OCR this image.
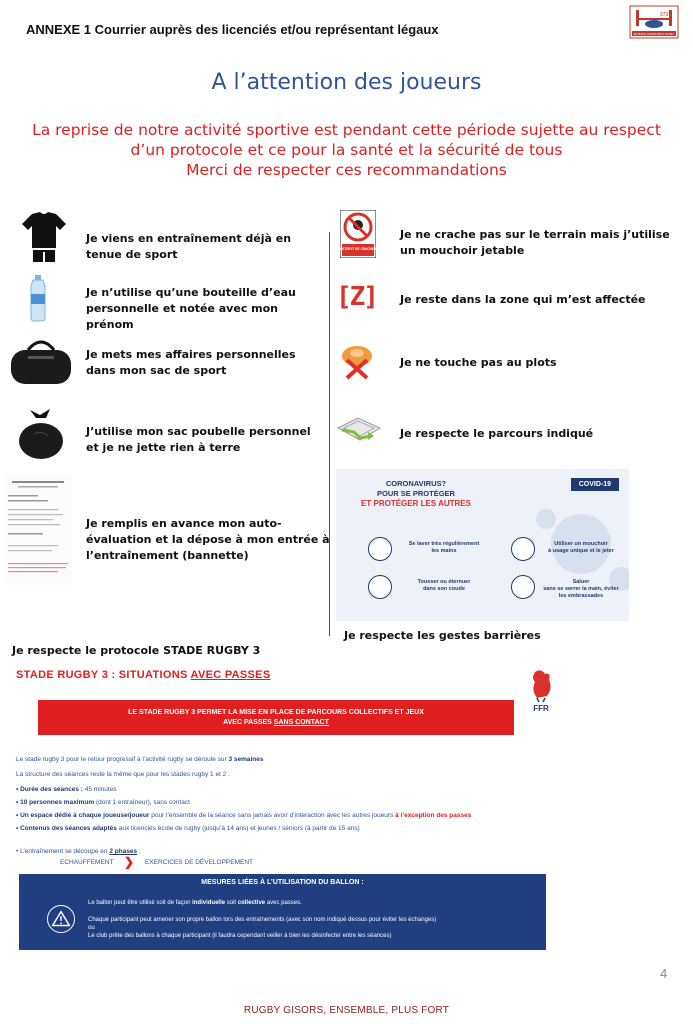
ANNEXE 1 Courrier auprès des licenciés et/ou représentant légaux
973
ENTENTE GISORS BRAY RUGBY
A l’attention des joueurs
La reprise de notre activité sportive est pendant cette période sujette au respect
d’un protocole et ce pour la santé et la sécurité de tous
Merci de respecter ces recommandations
Je viens en entraînement déjà en tenue de sport
Je n’utilise qu’une bouteille d’eau personnelle et notée avec mon prénom
Je mets mes affaires personnelles dans mon sac de sport
J’utilise mon sac poubelle personnel et je ne jette rien à terre
Je remplis en avance mon auto-évaluation et la dépose à mon entrée à l’entraînement (bannette)
INTERDIT DE CRACHER
[Z]
Je ne crache pas sur le terrain mais j’utilise un mouchoir jetable
Je reste dans la zone qui m’est affectée
Je ne touche pas au plots
Je respecte le parcours indiqué
COVID-19
CORONAVIRUS?
POUR SE PROTÉGER
ET PROTÉGER LES AUTRES
Se laver très régulièrement
les mains
Utiliser un mouchoir
à usage unique et le jeter
Tousser ou éternuer
dans son coude
Saluer
sans se serrer la main, éviter les embrassades
Je respecte les gestes barrières
Je respecte le protocole STADE RUGBY 3
STADE RUGBY 3 : SITUATIONS AVEC PASSES
FFR
LE STADE RUGBY 3 PERMET LA MISE EN PLACE DE PARCOURS COLLECTIFS ET JEUX
AVEC PASSES SANS CONTACT
Le stade rugby 3 pour le retour progressif à l’activité rugby se déroule sur 3 semaines
La structure des séances reste la même que pour les stades rugby 1 et 2 :
• Durée des séances : 45 minutes
• 10 personnes maximum (dont 1 entraîneur), sans contact
• Un espace dédié à chaque joueuse/joueur pour l’ensemble de la séance sans jamais avoir d’interaction avec les autres joueurs à l’exception des passes
• Contenus des séances adaptés aux licenciés école de rugby (jusqu’à 14 ans) et jeunes / séniors (à partir de 15 ans)
• L’entraînement se découpe en 2 phases :
ECHAUFFEMENT ❯ EXERCICES DE DÉVELOPPEMENT
MESURES LIÉES À L’UTILISATION DU BALLON :
Le ballon peut être utilisé soit de façon individuelle soit collective avec passes.
Chaque participant peut amener son propre ballon lors des entraînements (avec son nom indiqué dessus pour éviter les échanges)
ou
Le club prête des ballons à chaque participant (il faudra cependant veiller à bien les désinfecter entre les séances)
4
RUGBY GISORS, ENSEMBLE, PLUS FORT
